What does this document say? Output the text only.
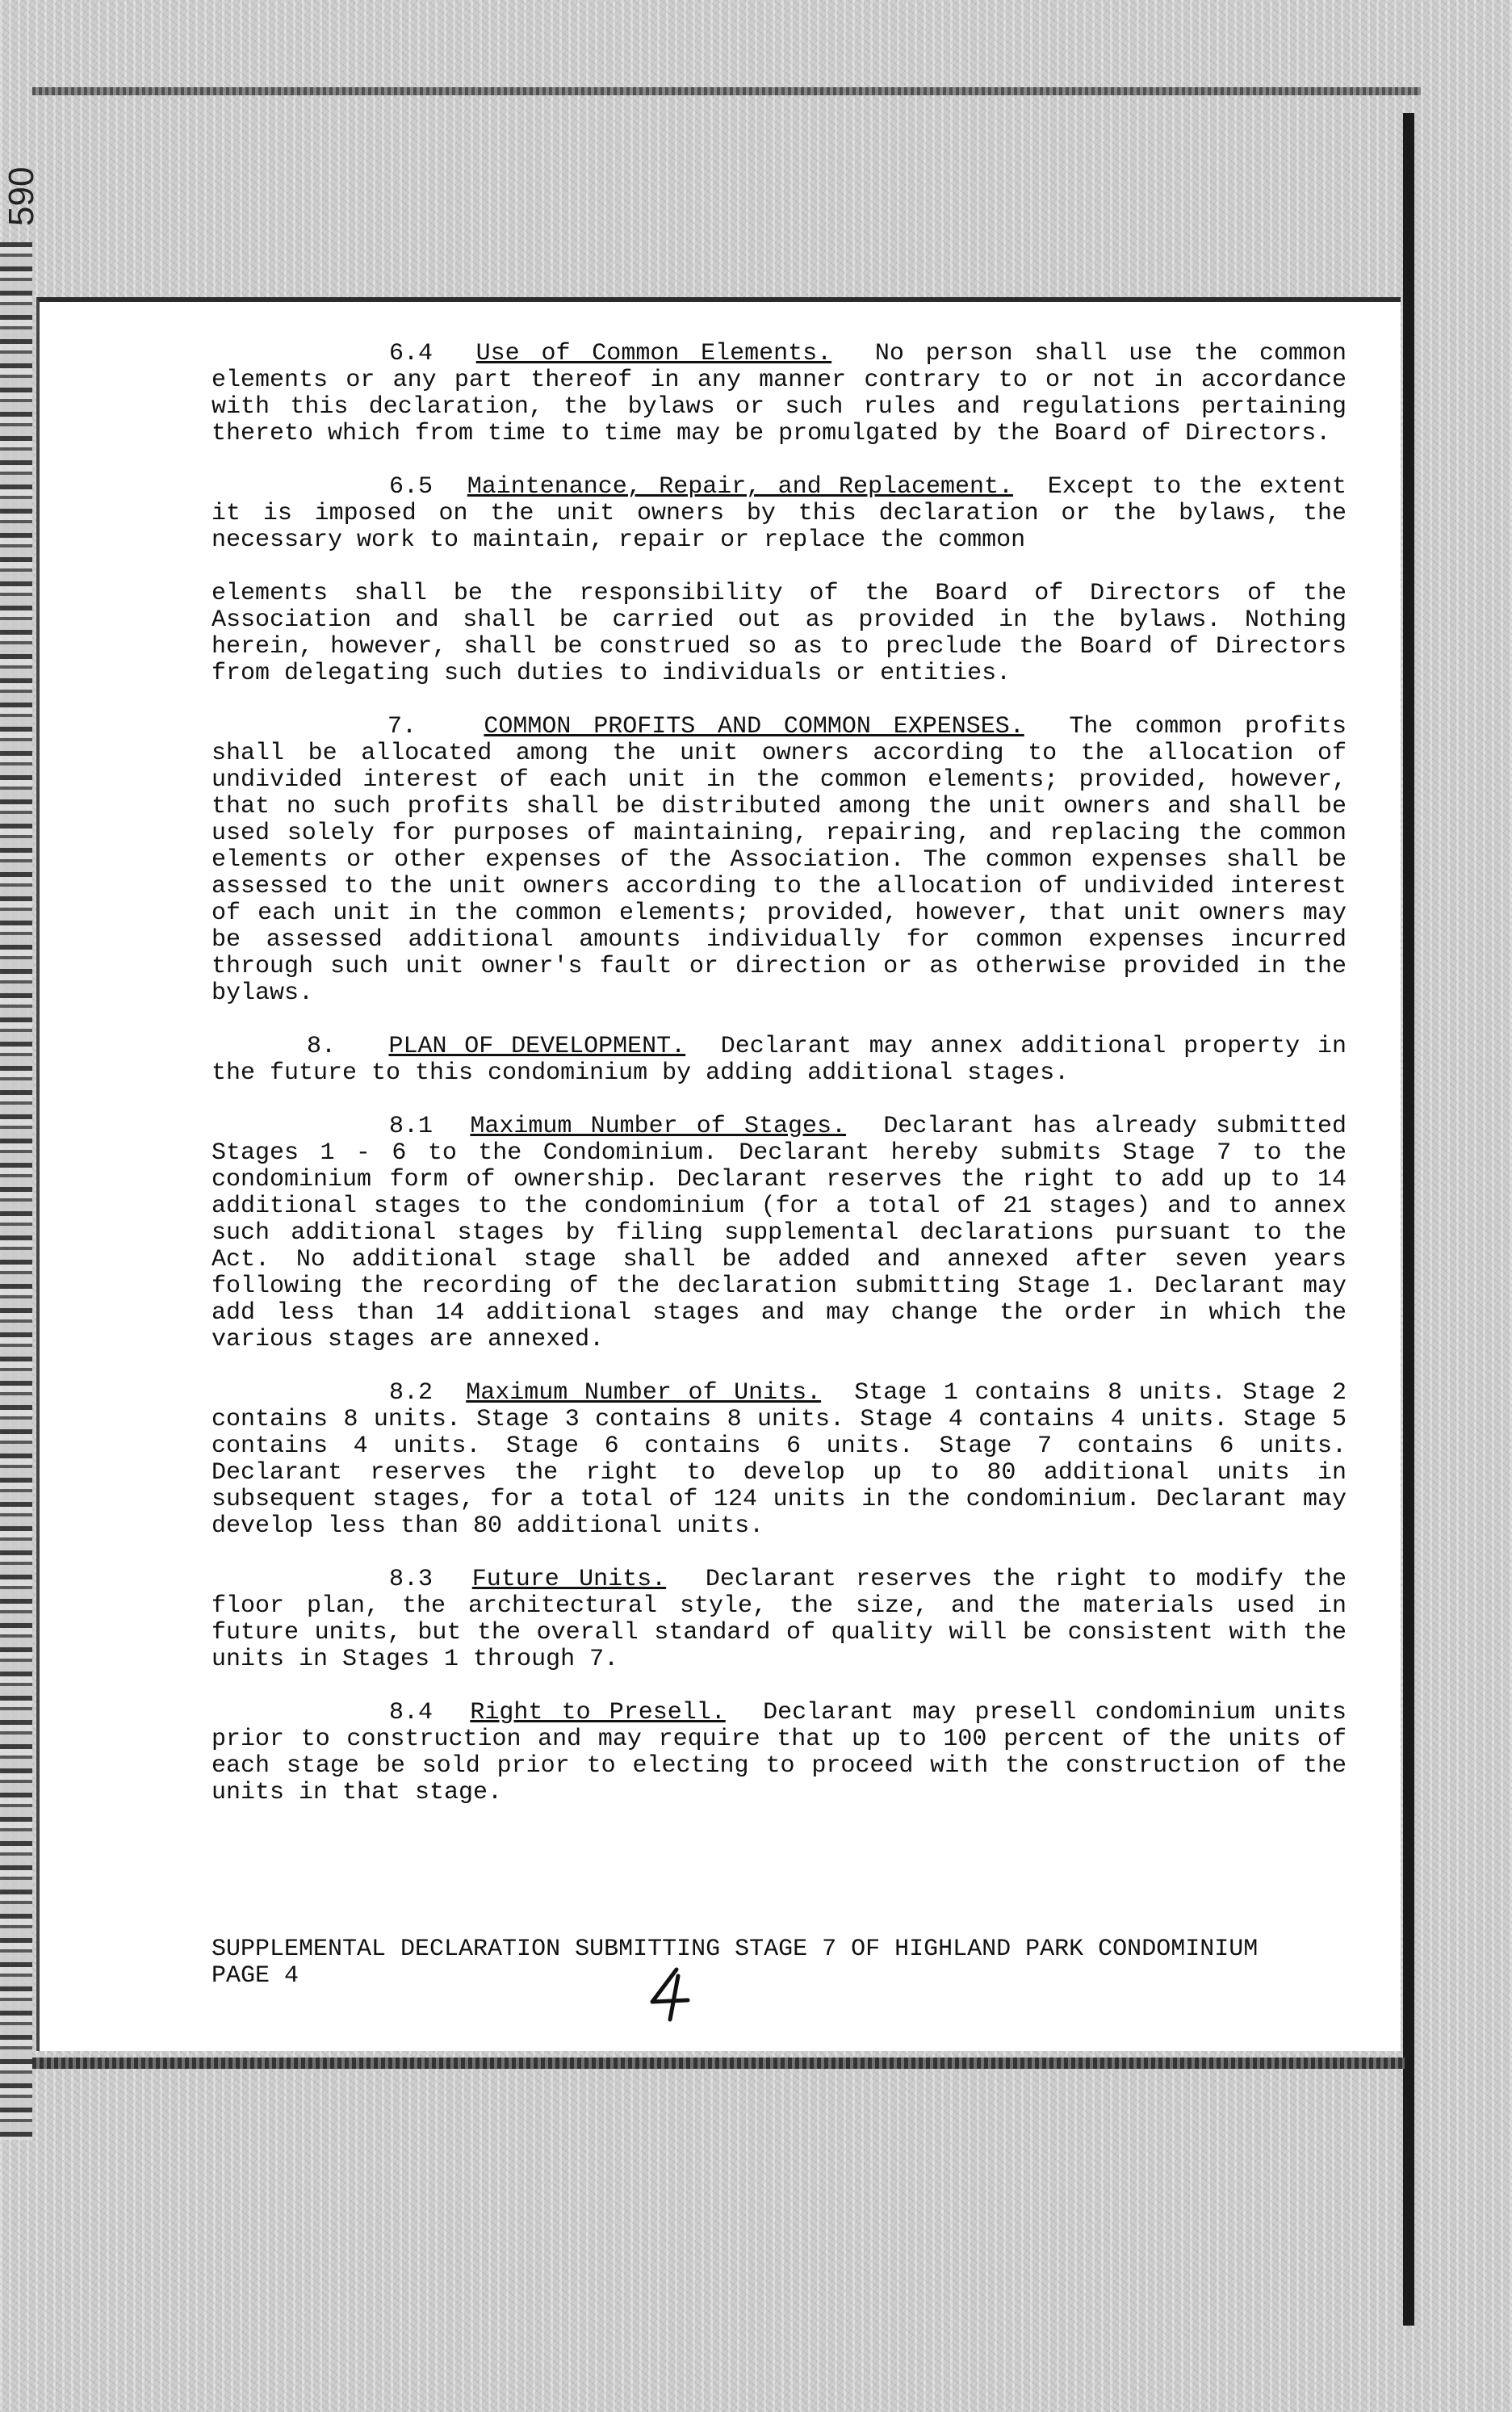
590

6.4 Use of Common Elements. No person shall use the common elements or any part thereof in any manner contrary to or not in accordance with this declaration, the bylaws or such rules and regulations pertaining thereto which from time to time may be promulgated by the Board of Directors.

6.5 Maintenance, Repair, and Replacement. Except to the extent it is imposed on the unit owners by this declaration or the bylaws, the necessary work to maintain, repair or replace the common

elements shall be the responsibility of the Board of Directors of the Association and shall be carried out as provided in the bylaws. Nothing herein, however, shall be construed so as to preclude the Board of Directors from delegating such duties to individuals or entities.

7.	COMMON PROFITS AND COMMON EXPENSES. The common profits shall be allocated among the unit owners according to the allocation of undivided interest of each unit in the common elements; provided, however, that no such profits shall be distributed among the unit owners and shall be used solely for purposes of maintaining, repairing, and replacing the common elements or other expenses of the Association. The common expenses shall be assessed to the unit owners according to the allocation of undivided interest of each unit in the common elements; provided, however, that unit owners may be assessed additional amounts individually for common expenses incurred through such unit owner's fault or direction or as otherwise provided in the bylaws.

8. PLAN OF DEVELOPMENT. Declarant may annex additional property in the future to this condominium by adding additional stages.

8.1 Maximum Number of Stages. Declarant has already submitted Stages 1 - 6 to the Condominium. Declarant hereby submits Stage 7 to the condominium form of ownership. Declarant reserves the right to add up to 14 additional stages to the condominium (for a total of 21 stages) and to annex such additional stages by filing supplemental declarations pursuant to the Act. No additional stage shall be added and annexed after seven years following the recording of the declaration submitting Stage 1. Declarant may add less than 14 additional stages and may change the order in which the various stages are annexed.

8.2 Maximum Number of Units. Stage 1 contains 8 units. Stage 2 contains 8 units. Stage 3 contains 8 units. Stage 4 contains 4 units. Stage 5 contains 4 units. Stage 6 contains 6 units. Stage 7 contains 6 units. Declarant reserves the right to develop up to 80 additional units in subsequent stages, for a total of 124 units in the condominium. Declarant may develop less than 80 additional units.

8.3 Future Units. Declarant reserves the right to modify the floor plan, the architectural style, the size, and the materials used in future units, but the overall standard of quality will be consistent with the units in Stages 1 through 7.

8.4 Right to Presell. Declarant may presell condominium units prior to construction and may require that up to 100 percent of the units of each stage be sold prior to electing to proceed with the construction of the units in that stage.

SUPPLEMENTAL DECLARATION SUBMITTING STAGE 7 OF HIGHLAND PARK CONDOMINIUM
PAGE 4
